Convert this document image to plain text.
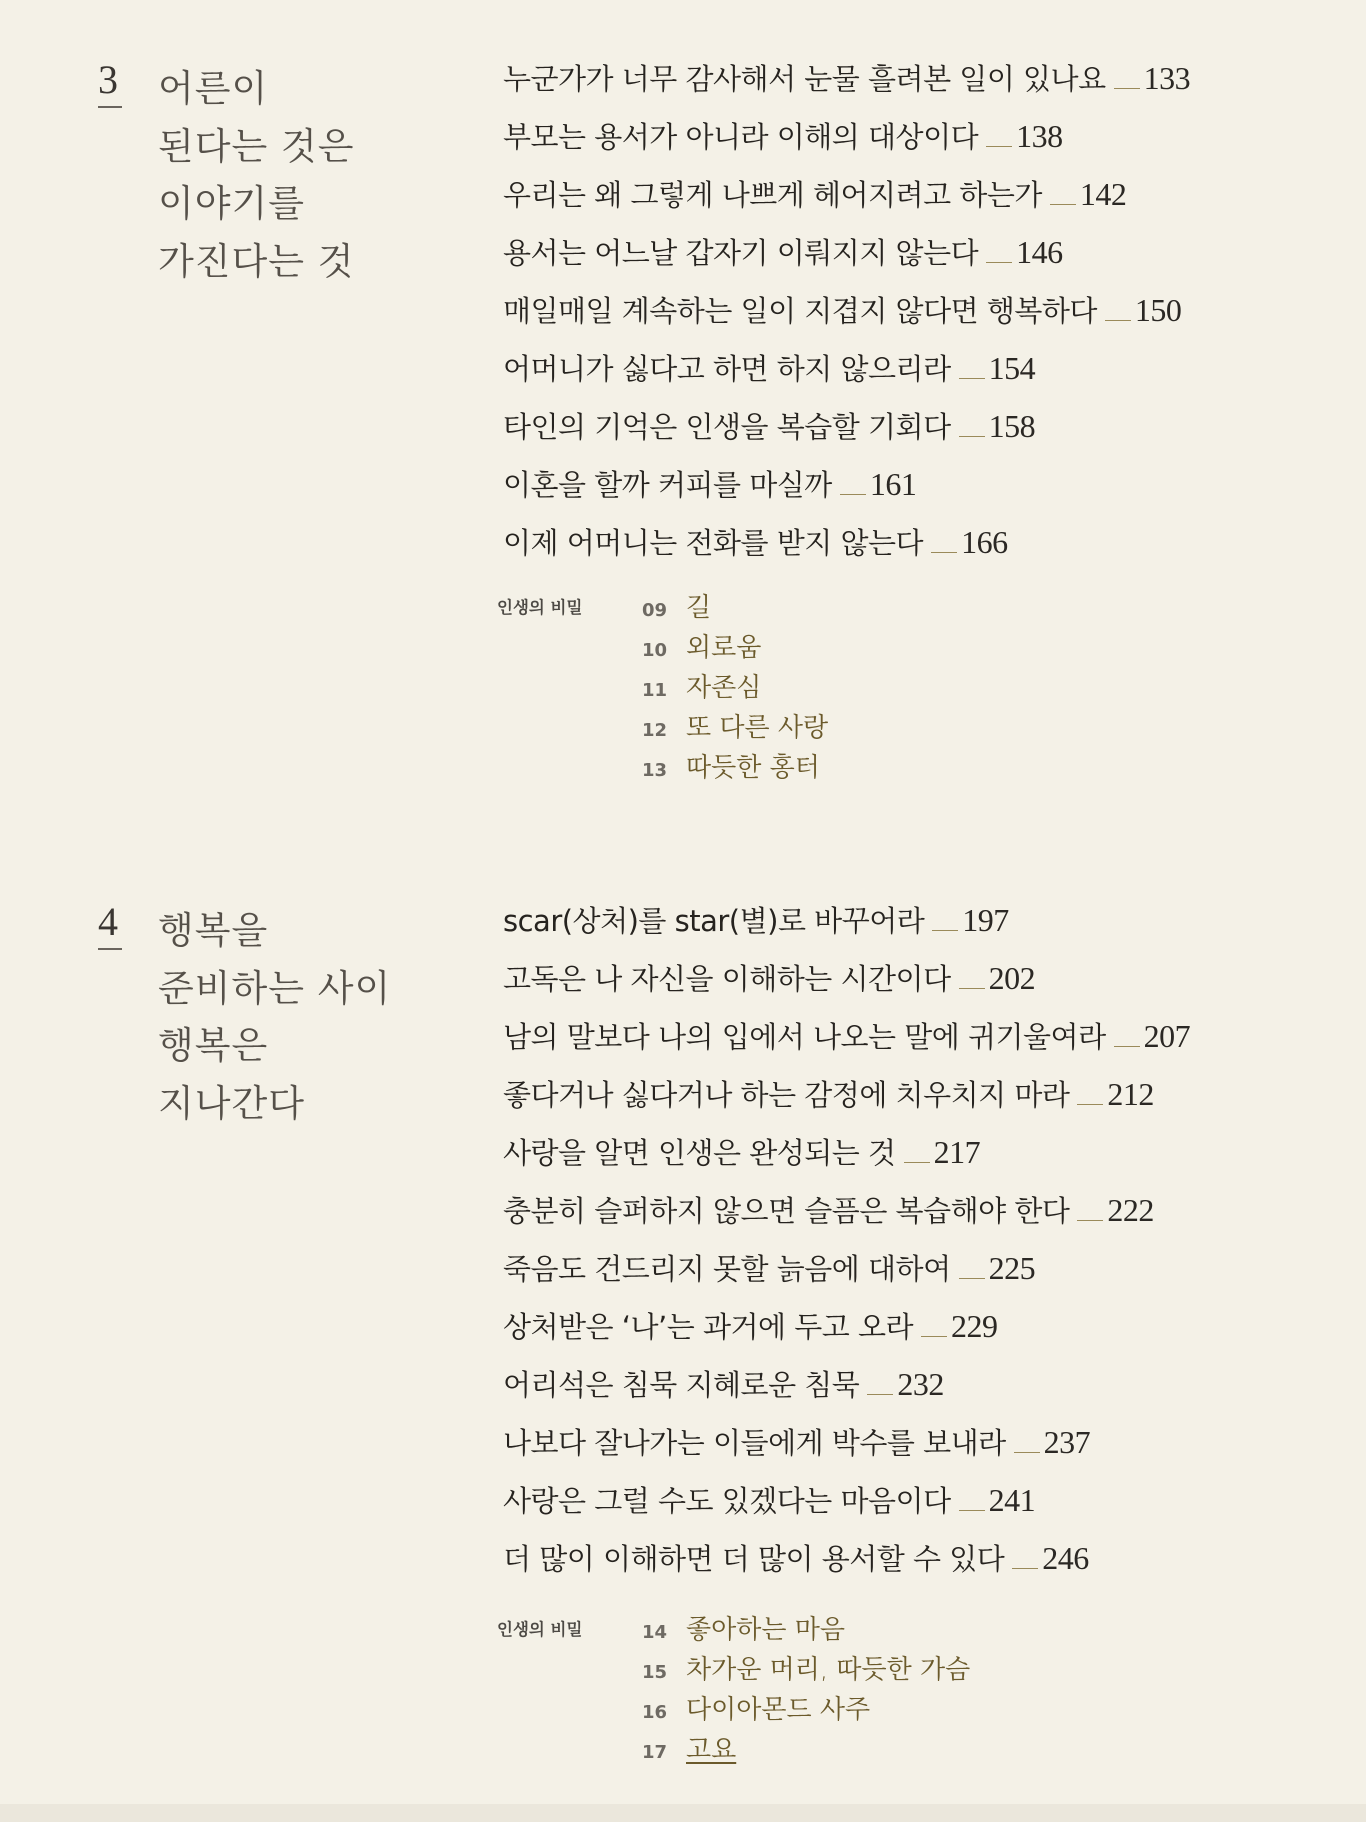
3 어른이
된다는 것은
이야기를
가진다는 것
누군가가 너무 감사해서 눈물 흘려본 일이 있나요 133
부모는 용서가 아니라 이해의 대상이다 138
우리는 왜 그렇게 나쁘게 헤어지려고 하는가 142
용서는 어느날 갑자기 이뤄지지 않는다 146
매일매일 계속하는 일이 지겹지 않다면 행복하다 150
어머니가 싫다고 하면 하지 않으리라 154
타인의 기억은 인생을 복습할 기회다 158
이혼을 할까 커피를 마실까 161
이제 어머니는 전화를 받지 않는다 166
인생의 비밀	09 길
10 외로움
11 자존심
12 또 다른 사랑
13 따듯한 홍터
4 행복을
준비하는 사이
행복은
지나간다
scar(상처)를 star(별)로 바꾸어라 197
고독은 나 자신을 이해하는 시간이다 202
남의 말보다 나의 입에서 나오는 말에 귀기울여라 207
좋다거나 싫다거나 하는 감정에 치우치지 마라 212
사랑을 알면 인생은 완성되는 것 217
충분히 슬퍼하지 않으면 슬픔은 복습해야 한다 222
죽음도 건드리지 못할 늙음에 대하여 225
상처받은 ‘나’는 과거에 두고 오라 229
어리석은 침묵 지혜로운 침묵 232
나보다 잘나가는 이들에게 박수를 보내라 237
사랑은 그럴 수도 있겠다는 마음이다 241
더 많이 이해하면 더 많이 용서할 수 있다 246
인생의 비밀	14 좋아하는 마음
15 차가운 머리, 따듯한 가슴
16 다이아몬드 사주
17 고요
